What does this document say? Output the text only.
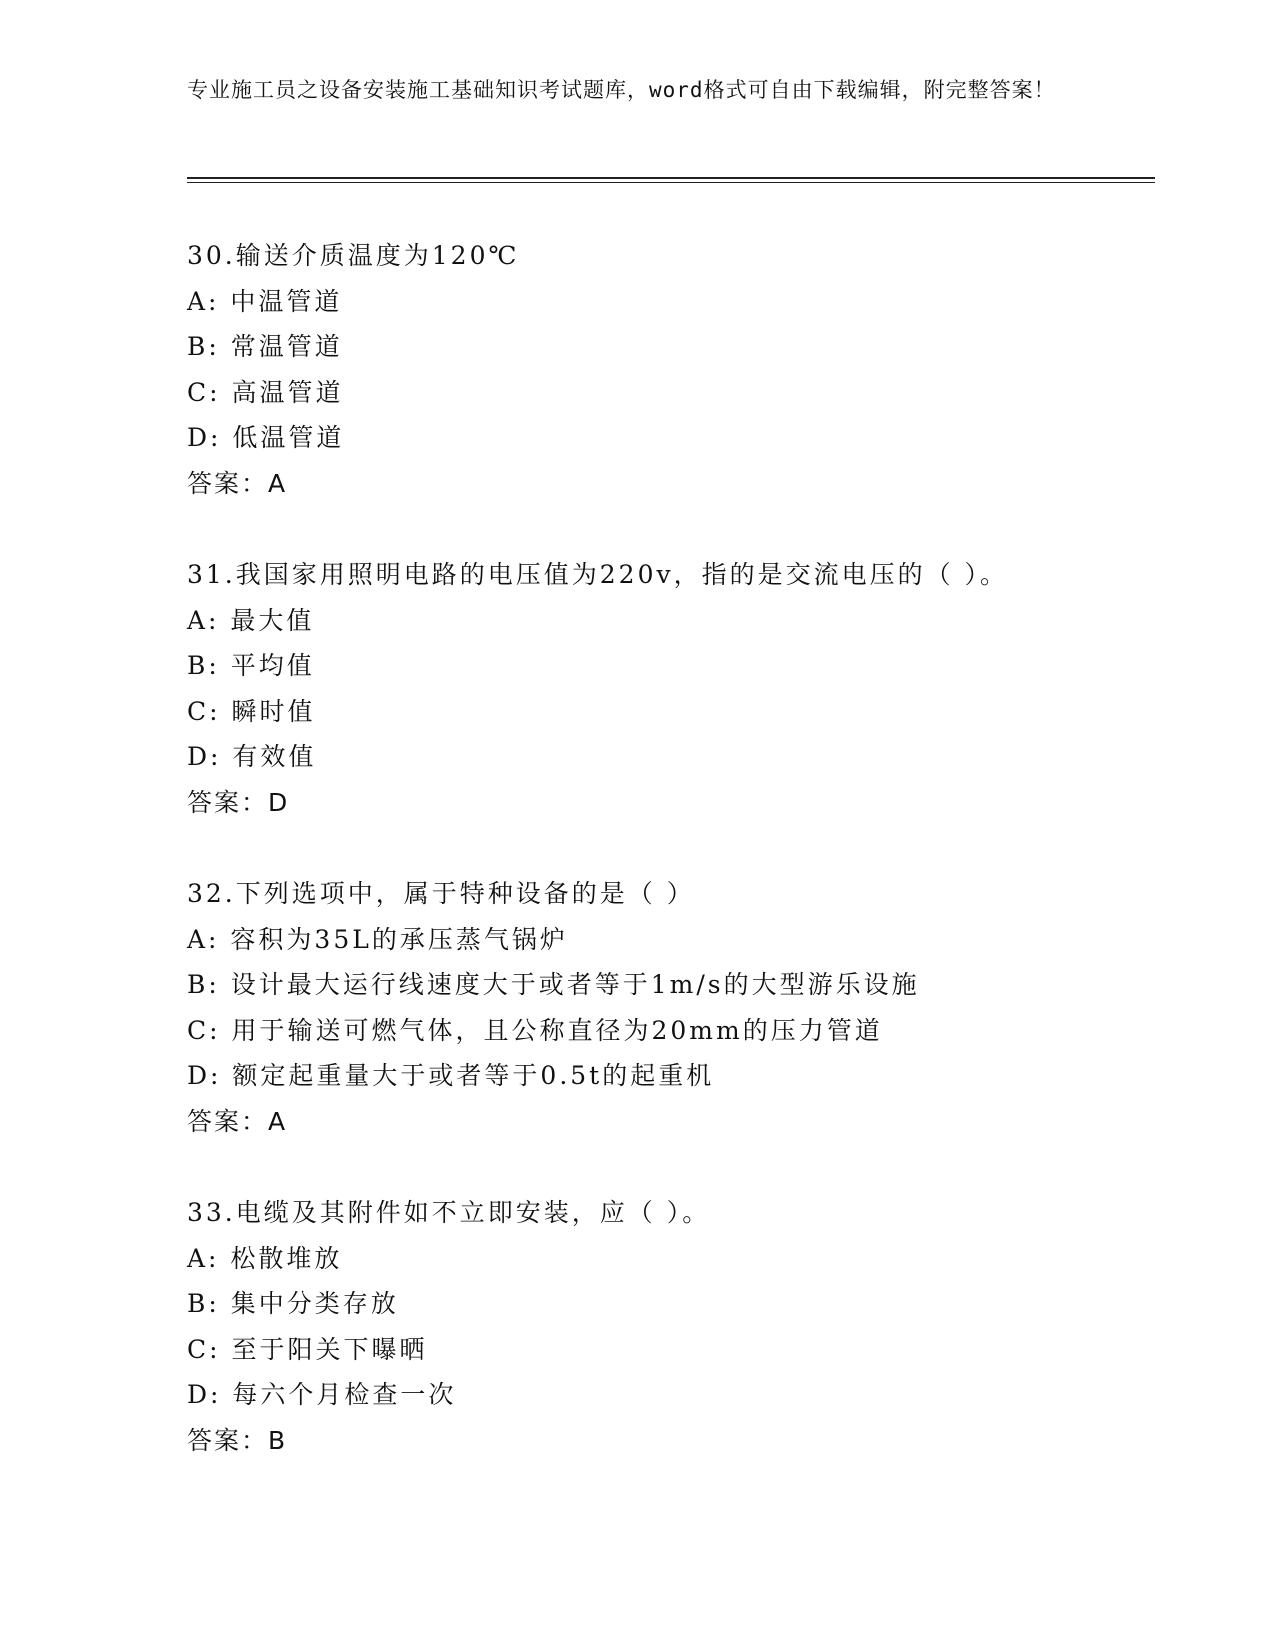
专业施工员之设备安装施工基础知识考试题库，word格式可自由下载编辑，附完整答案！
30.输送介质温度为120℃
A: 中温管道
B: 常温管道
C: 高温管道
D: 低温管道
答案：A
31.我国家用照明电路的电压值为220v，指的是交流电压的（ ）。
A: 最大值
B: 平均值
C: 瞬时值
D: 有效值
答案：D
32.下列选项中，属于特种设备的是（ ）
A: 容积为35L的承压蒸气锅炉
B: 设计最大运行线速度大于或者等于1m/s的大型游乐设施
C: 用于输送可燃气体，且公称直径为20mm的压力管道
D: 额定起重量大于或者等于0.5t的起重机
答案：A
33.电缆及其附件如不立即安装，应（ ）。
A: 松散堆放
B: 集中分类存放
C: 至于阳关下曝晒
D: 每六个月检查一次
答案：B
